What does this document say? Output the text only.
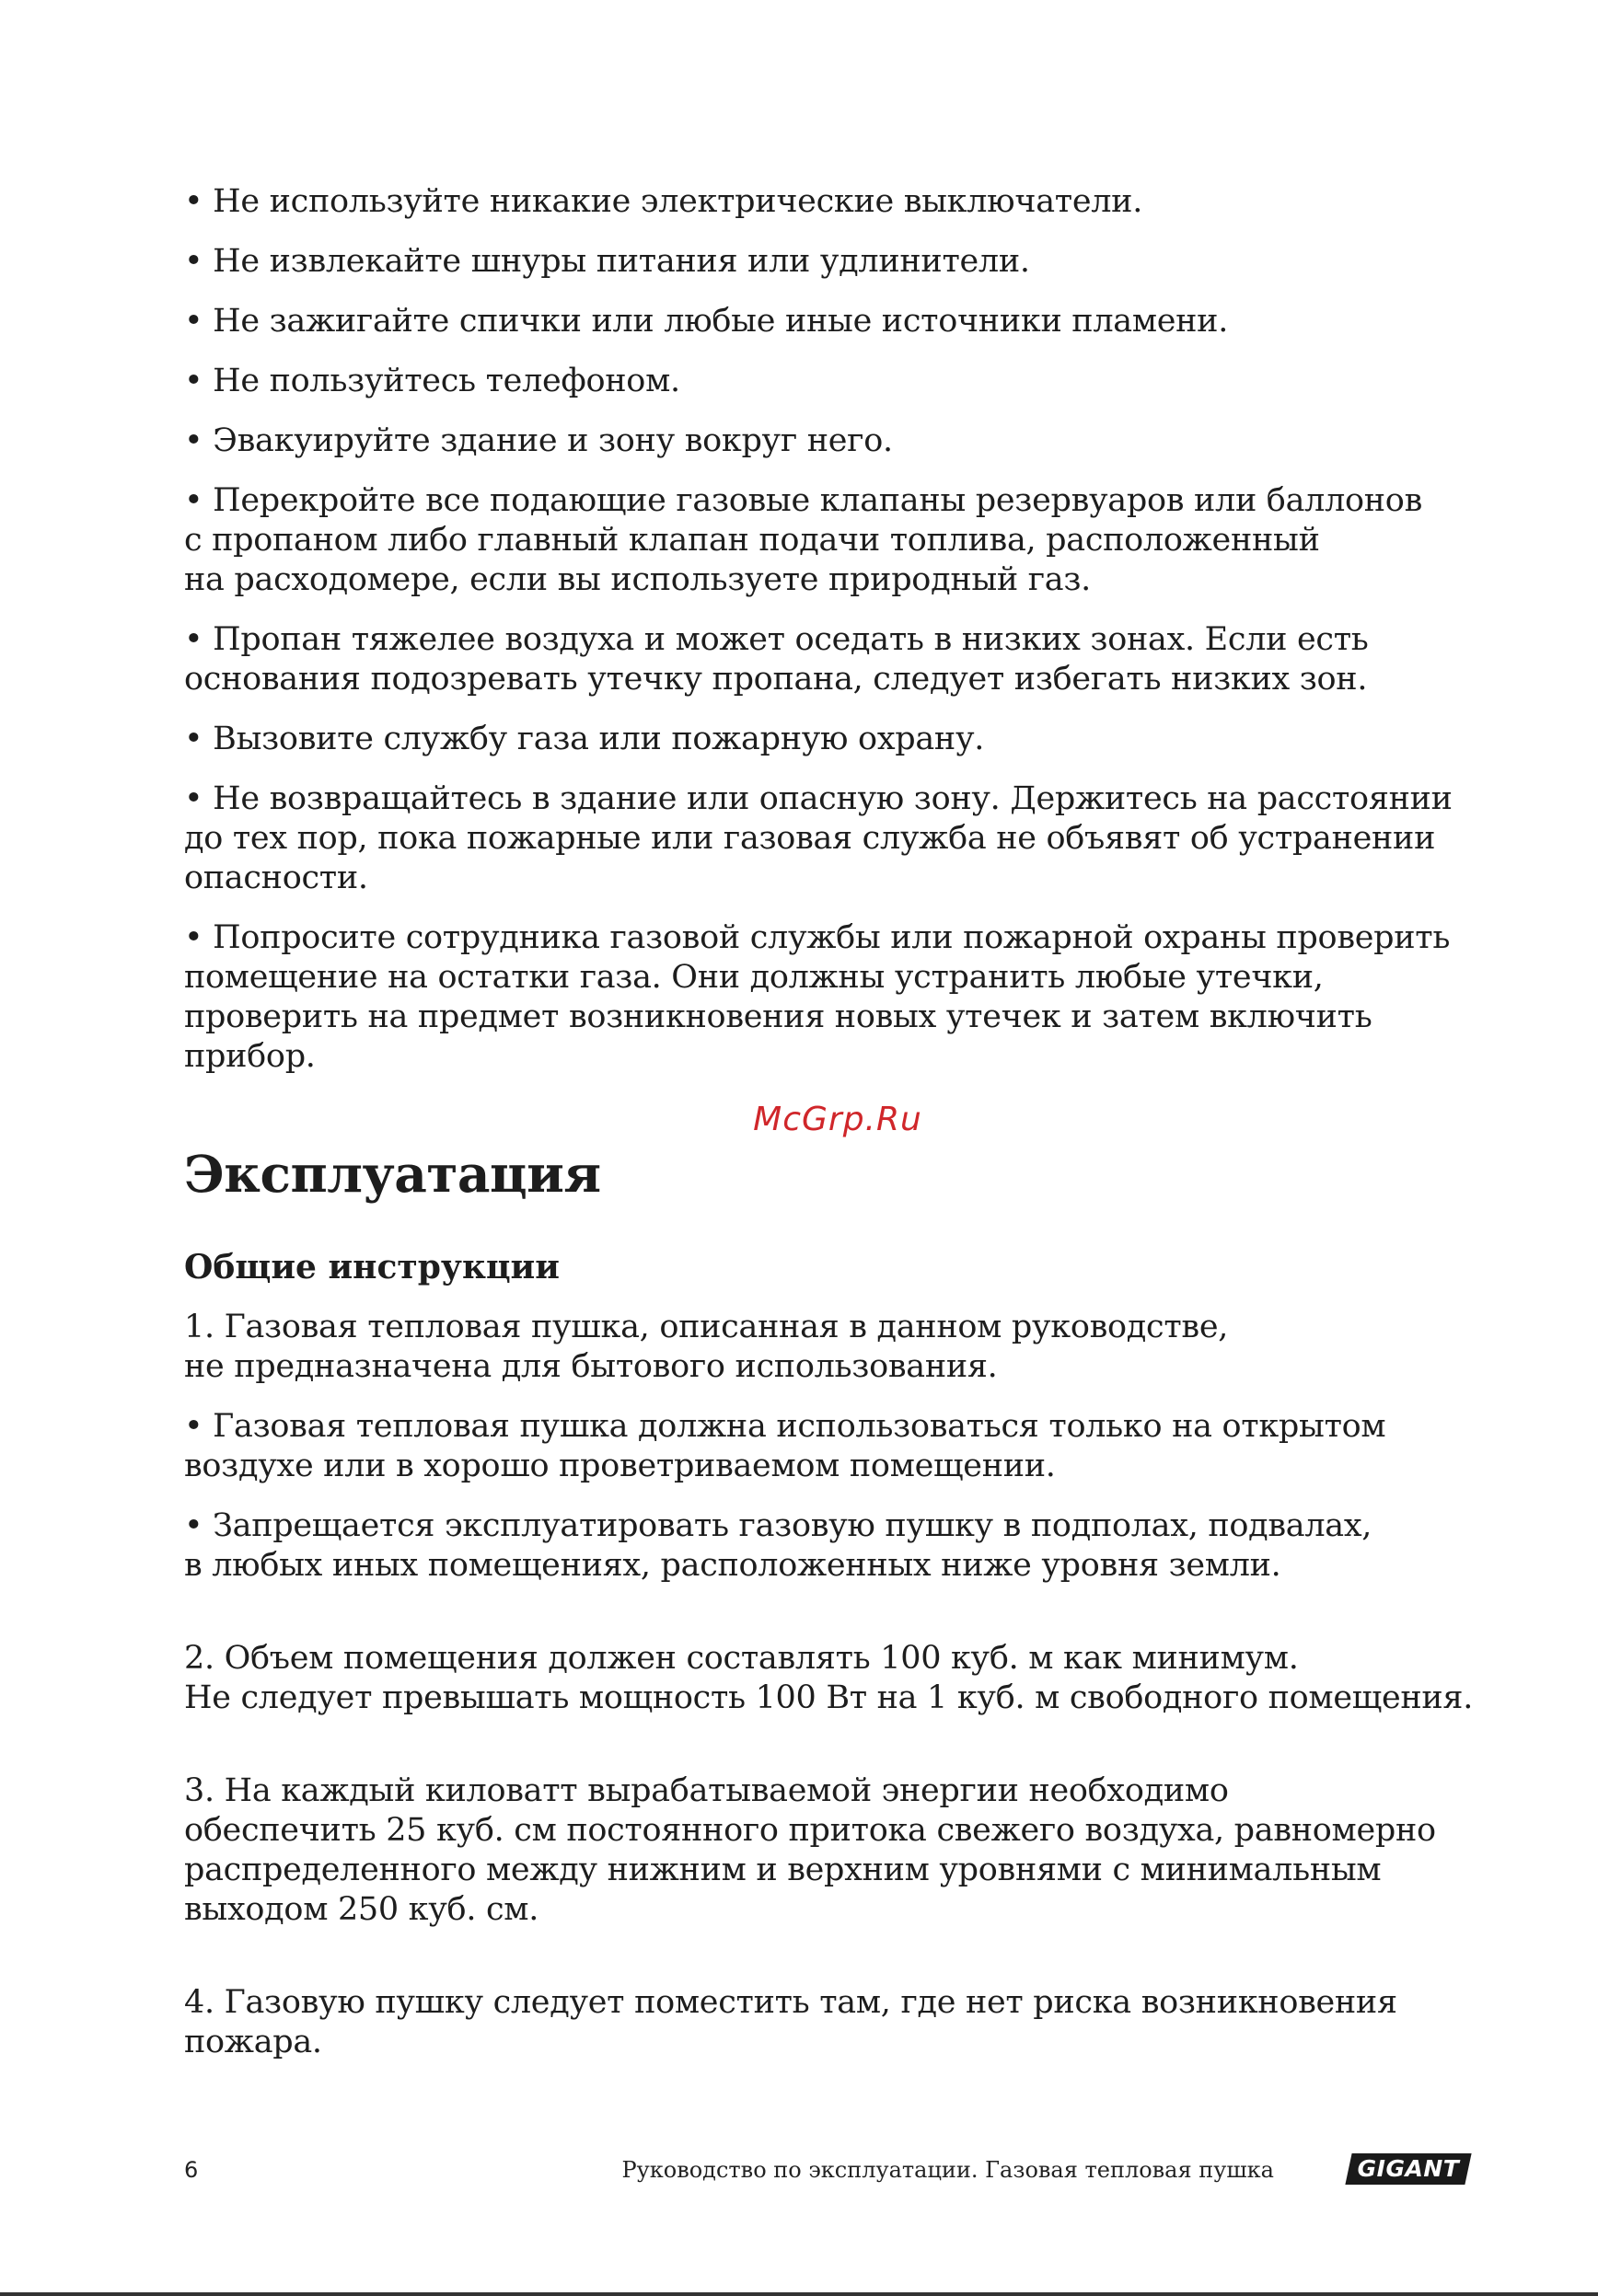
• Не используйте никакие электрические выключатели.

• Не извлекайте шнуры питания или удлинители.

• Не зажигайте спички или любые иные источники пламени.

• Не пользуйтесь телефоном.

• Эвакуируйте здание и зону вокруг него.

• Перекройте все подающие газовые клапаны резервуаров или баллонов
с пропаном либо главный клапан подачи топлива, расположенный
на расходомере, если вы используете природный газ.

• Пропан тяжелее воздуха и может оседать в низких зонах. Если есть
основания подозревать утечку пропана, следует избегать низких зон.

• Вызовите службу газа или пожарную охрану.

• Не возвращайтесь в здание или опасную зону. Держитесь на расстоянии
до тех пор, пока пожарные или газовая служба не объявят об устранении
опасности.

• Попросите сотрудника газовой службы или пожарной охраны проверить
помещение на остатки газа. Они должны устранить любые утечки,
проверить на предмет возникновения новых утечек и затем включить
прибор.

McGrp.Ru
Эксплуатация
Общие инструкции

1. Газовая тепловая пушка, описанная в данном руководстве,
не предназначена для бытового использования.

• Газовая тепловая пушка должна использоваться только на открытом
воздухе или в хорошо проветриваемом помещении.

• Запрещается эксплуатировать газовую пушку в подполах, подвалах,
в любых иных помещениях, расположенных ниже уровня земли.

2. Объем помещения должен составлять 100 куб. м как минимум.
Не следует превышать мощность 100 Вт на 1 куб. м свободного помещения.

3. На каждый киловатт вырабатываемой энергии необходимо
обеспечить 25 куб. см постоянного притока свежего воздуха, равномерно
распределенного между нижним и верхним уровнями с минимальным
выходом 250 куб. см.

4. Газовую пушку следует поместить там, где нет риска возникновения пожара.

6	Руководство по эксплуатации. Газовая тепловая пушка	GIGANT
